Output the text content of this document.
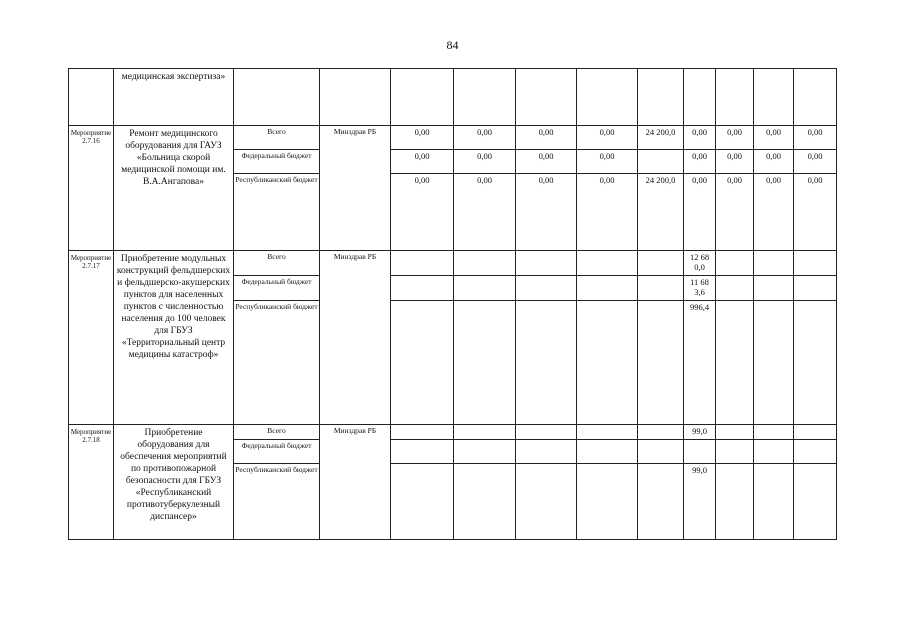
84
	медицинская экспертиза»											
Мероприятие 2.7.16	Ремонт медицинского оборудования для ГАУЗ «Больница скорой медицинской помощи им. В.А.Ангапова»	Всего	Минздрав РБ	0,00	0,00	0,00	0,00	24 200,0	0,00	0,00	0,00	0,00
		Федеральный бюджет		0,00	0,00	0,00	0,00		0,00	0,00	0,00	0,00
		Республиканский бюджет		0,00	0,00	0,00	0,00	24 200,0	0,00	0,00	0,00	0,00
Мероприятие 2.7.17	Приобретение модульных конструкций фельдшерских и фельдшерско-акушерских пунктов для населенных пунктов с численностью населения до 100 человек для ГБУЗ «Территориальный центр медицины катастроф»	Всего	Минздрав РБ						12 680,0			
		Федеральный бюджет							11 683,6			
		Республиканский бюджет							996,4			
Мероприятие 2.7.18	Приобретение оборудования для обеспечения мероприятий по противопожарной безопасности для ГБУЗ «Республиканский противотуберкулезный диспансер»	Всего	Минздрав РБ						99,0			
		Федеральный бюджет										
		Республиканский бюджет							99,0			
